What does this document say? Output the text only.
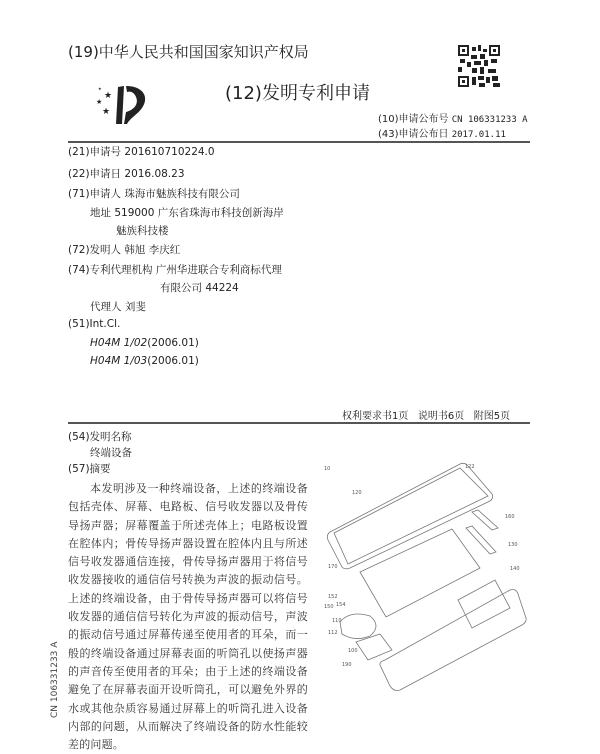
(19)中华人民共和国国家知识产权局
★
★
★
★	(12)发明专利申请
(10)申请公布号 CN 106331233 A
(43)申请公布日 2017.01.11
(21)申请号 201610710224.0
(22)申请日 2016.08.23
(71)申请人 珠海市魅族科技有限公司
地址 519000 广东省珠海市科技创新海岸
魅族科技楼
(72)发明人 韩旭 李庆红
(74)专利代理机构 广州华进联合专利商标代理
有限公司 44224
代理人 刘斐
(51)Int.Cl.
H04M 1/02(2006.01)
H04M 1/03(2006.01)
权利要求书1页   说明书6页   附图5页
(54)发明名称
终端设备
(57)摘要

本发明涉及一种终端设备，上述的终端设备包括壳体、屏幕、电路板、信号收发器以及骨传导扬声器；屏幕覆盖于所述壳体上；电路板设置在腔体内；骨传导扬声器设置在腔体内且与所述信号收发器通信连接，骨传导扬声器用于将信号收发器接收的通信信号转换为声波的振动信号。上述的终端设备，由于骨传导扬声器可以将信号收发器的通信信号转化为声波的振动信号，声波的振动信号通过屏幕传递至使用者的耳朵，而一般的终端设备通过屏幕表面的听筒孔以使扬声器的声音传至使用者的耳朵；由于上述的终端设备避免了在屏幕表面开设听筒孔，可以避免外界的水或其他杂质容易通过屏幕上的听筒孔进入设备内部的问题，从而解决了终端设备的防水性能较差的问题。

CN 106331233 A
10	122
120
160
130
170	140
152
150 154
110
112
100
190
